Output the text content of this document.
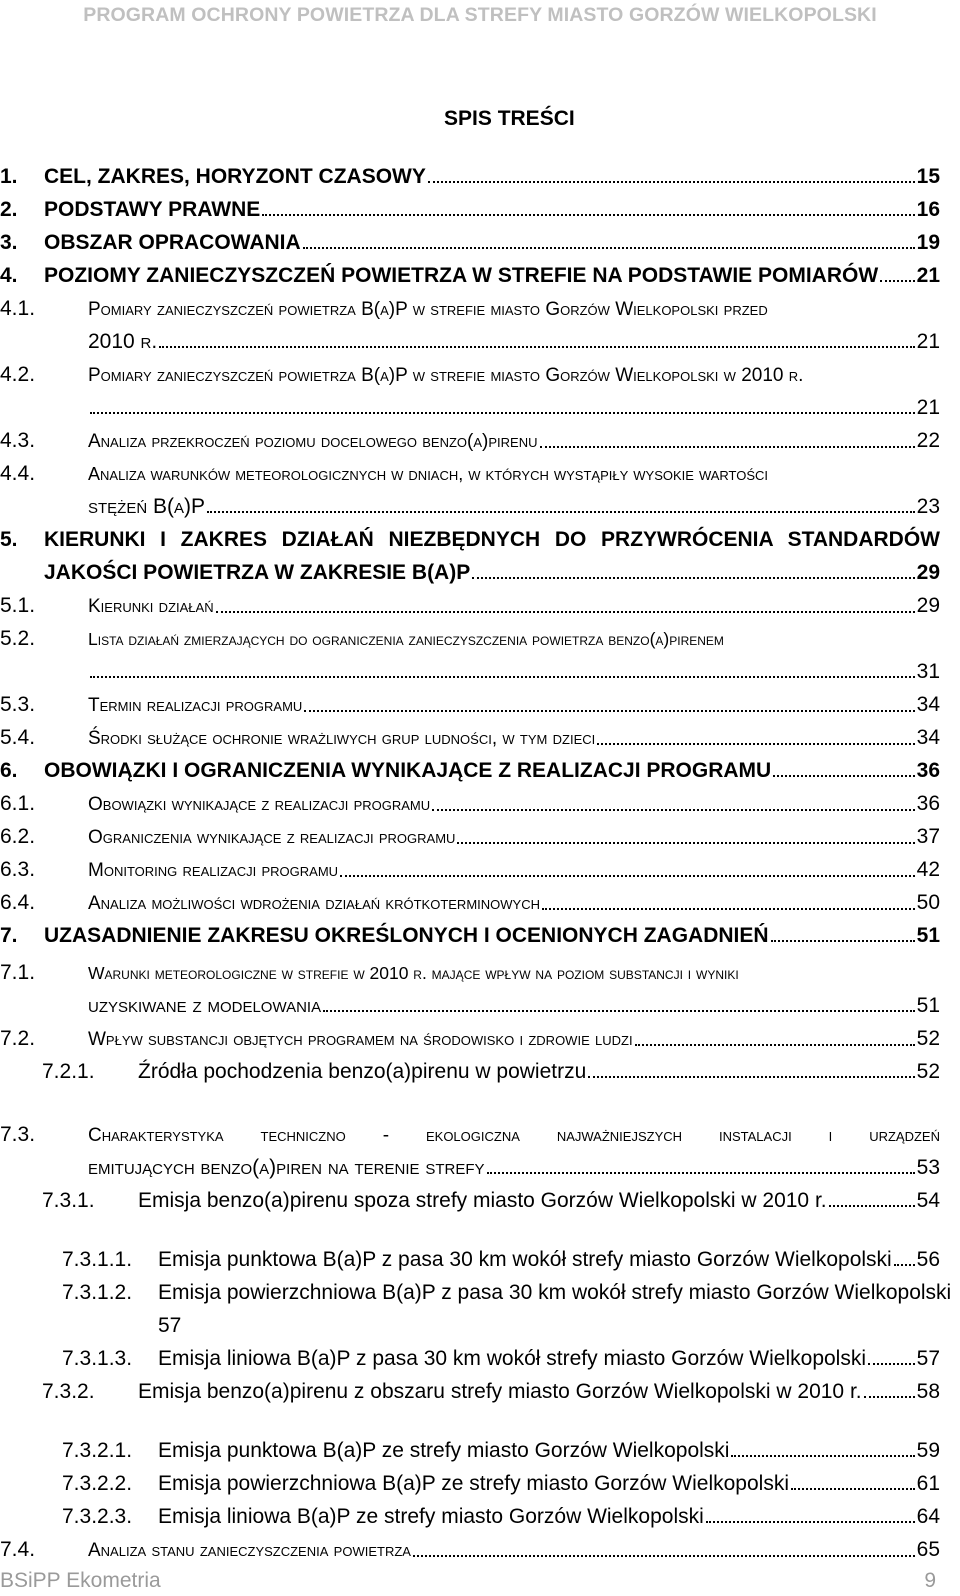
PROGRAM OCHRONY POWIETRZA DLA STREFY MIASTO GORZÓW WIELKOPOLSKI
SPIS TREŚCI
1.	CEL, ZAKRES, HORYZONT CZASOWY	15
2.	PODSTAWY PRAWNE	16
3.	OBSZAR OPRACOWANIA	19
4.	POZIOMY ZANIECZYSZCZEŃ POWIETRZA W STREFIE NA PODSTAWIE POMIARÓW 21
4.1.	Pomiary zanieczyszczeń powietrza B(a)P w strefie miasto Gorzów Wielkopolski przed
2010 r.	21
4.2.	Pomiary zanieczyszczeń powietrza B(a)P w strefie miasto Gorzów Wielkopolski w 2010 r.
21
4.3.	Analiza przekroczeń poziomu docelowego benzo(a)pirenu	22
4.4.	Analiza warunków meteorologicznych w dniach, w których wystąpiły wysokie wartości
stężeń B(a)P	23
5.	KIERUNKI I ZAKRES DZIAŁAŃ NIEZBĘDNYCH DO PRZYWRÓCENIA STANDARDÓW
JAKOŚCI POWIETRZA W ZAKRESIE B(A)P	29
5.1.	Kierunki działań	29
5.2.	Lista działań zmierzających do ograniczenia zanieczyszczenia powietrza benzo(a)pirenem
31
5.3.	Termin realizacji programu	34
5.4.	Środki służące ochronie wrażliwych grup ludności, w tym dzieci	34
6.	OBOWIĄZKI I OGRANICZENIA WYNIKAJĄCE Z REALIZACJI PROGRAMU	36
6.1.	Obowiązki wynikające z realizacji programu	36
6.2.	Ograniczenia wynikające z realizacji programu	37
6.3.	Monitoring realizacji programu	42
6.4.	Analiza możliwości wdrożenia działań krótkoterminowych	50
7.	UZASADNIENIE ZAKRESU OKREŚLONYCH I OCENIONYCH ZAGADNIEŃ	51
7.1.	Warunki meteorologiczne w strefie w 2010 r. mające wpływ na poziom substancji i wyniki
uzyskiwane z modelowania	51
7.2.	Wpływ substancji objętych programem na środowisko i zdrowie ludzi	52
7.2.1.	Źródła pochodzenia benzo(a)pirenu w powietrzu	52
7.3.	Charakterystyka techniczno - ekologiczna najważniejszych instalacji i urządzeń
emitujących benzo(a)piren na terenie strefy	53
7.3.1.	Emisja benzo(a)pirenu spoza strefy miasto Gorzów Wielkopolski w 2010 r.	54
7.3.1.1.	Emisja punktowa B(a)P z pasa 30 km wokół strefy miasto Gorzów Wielkopolski 56
7.3.1.2.	Emisja powierzchniowa B(a)P z pasa 30 km wokół strefy miasto Gorzów Wielkopolski
57
7.3.1.3.	Emisja liniowa B(a)P z pasa 30 km wokół strefy miasto Gorzów Wielkopolski 57
7.3.2.	Emisja benzo(a)pirenu z obszaru strefy miasto Gorzów Wielkopolski w 2010 r.	58
7.3.2.1.	Emisja punktowa B(a)P ze strefy miasto Gorzów Wielkopolski	59
7.3.2.2.	Emisja powierzchniowa B(a)P ze strefy miasto Gorzów Wielkopolski	61
7.3.2.3.	Emisja liniowa B(a)P ze strefy miasto Gorzów Wielkopolski	64
7.4.	Analiza stanu zanieczyszczenia powietrza	65
BSiPP Ekometria	9
